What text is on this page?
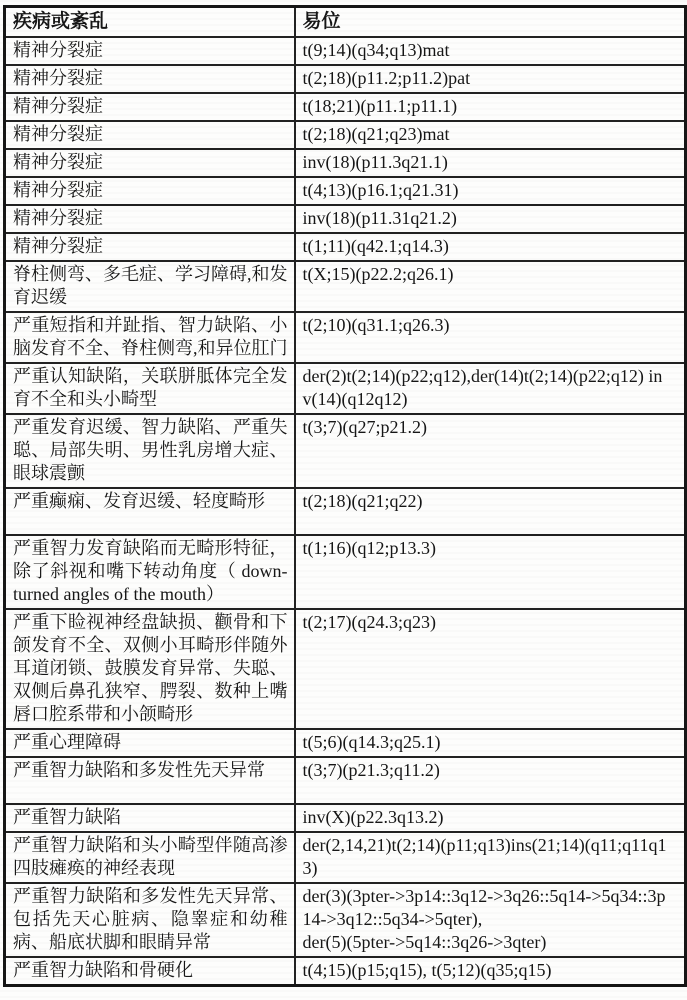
疾病或紊乱	易位
精神分裂症	t(9;14)(q34;q13)mat
精神分裂症	t(2;18)(p11.2;p11.2)pat
精神分裂症	t(18;21)(p11.1;p11.1)
精神分裂症	t(2;18)(q21;q23)mat
精神分裂症	inv(18)(p11.3q21.1)
精神分裂症	t(4;13)(p16.1;q21.31)
精神分裂症	inv(18)(p11.31q21.2)
精神分裂症	t(1;11)(q42.1;q14.3)
脊柱侧弯、多毛症、学习障碍,和发育迟缓	t(X;15)(p22.2;q26.1)
严重短指和并趾指、智力缺陷、小脑发育不全、脊柱侧弯,和异位肛门	t(2;10)(q31.1;q26.3)
严重认知缺陷，关联胼胝体完全发育不全和头小畸型	der(2)t(2;14)(p22;q12),der(14)t(2;14)(p22;q12) inv(14)(q12q12)
严重发育迟缓、智力缺陷、严重失聪、局部失明、男性乳房增大症、眼球震颤	t(3;7)(q27;p21.2)
严重癫痫、发育迟缓、轻度畸形	t(2;18)(q21;q22)
严重智力发育缺陷而无畸形特征，除了斜视和嘴下转动角度（ down-turned angles of the mouth）	t(1;16)(q12;p13.3)
严重下睑视神经盘缺损、颧骨和下颌发育不全、双侧小耳畸形伴随外耳道闭锁、鼓膜发育异常、失聪、双侧后鼻孔狭窄、腭裂、数种上嘴唇口腔系带和小颌畸形	t(2;17)(q24.3;q23)
严重心理障碍	t(5;6)(q14.3;q25.1)
严重智力缺陷和多发性先天异常	t(3;7)(p21.3;q11.2)
严重智力缺陷	inv(X)(p22.3q13.2)
严重智力缺陷和头小畸型伴随高渗四肢瘫痪的神经表现	der(2,14,21)t(2;14)(p11;q13)ins(21;14)(q11;q11q13)
严重智力缺陷和多发性先天异常、包括先天心脏病、隐睾症和幼稚病、船底状脚和眼睛异常	der(3)(3pter->3p14::3q12->3q26::5q14->5q34::3p14->3q12::5q34->5qter),
der(5)(5pter->5q14::3q26->3qter)
严重智力缺陷和骨硬化	t(4;15)(p15;q15), t(5;12)(q35;q15)
